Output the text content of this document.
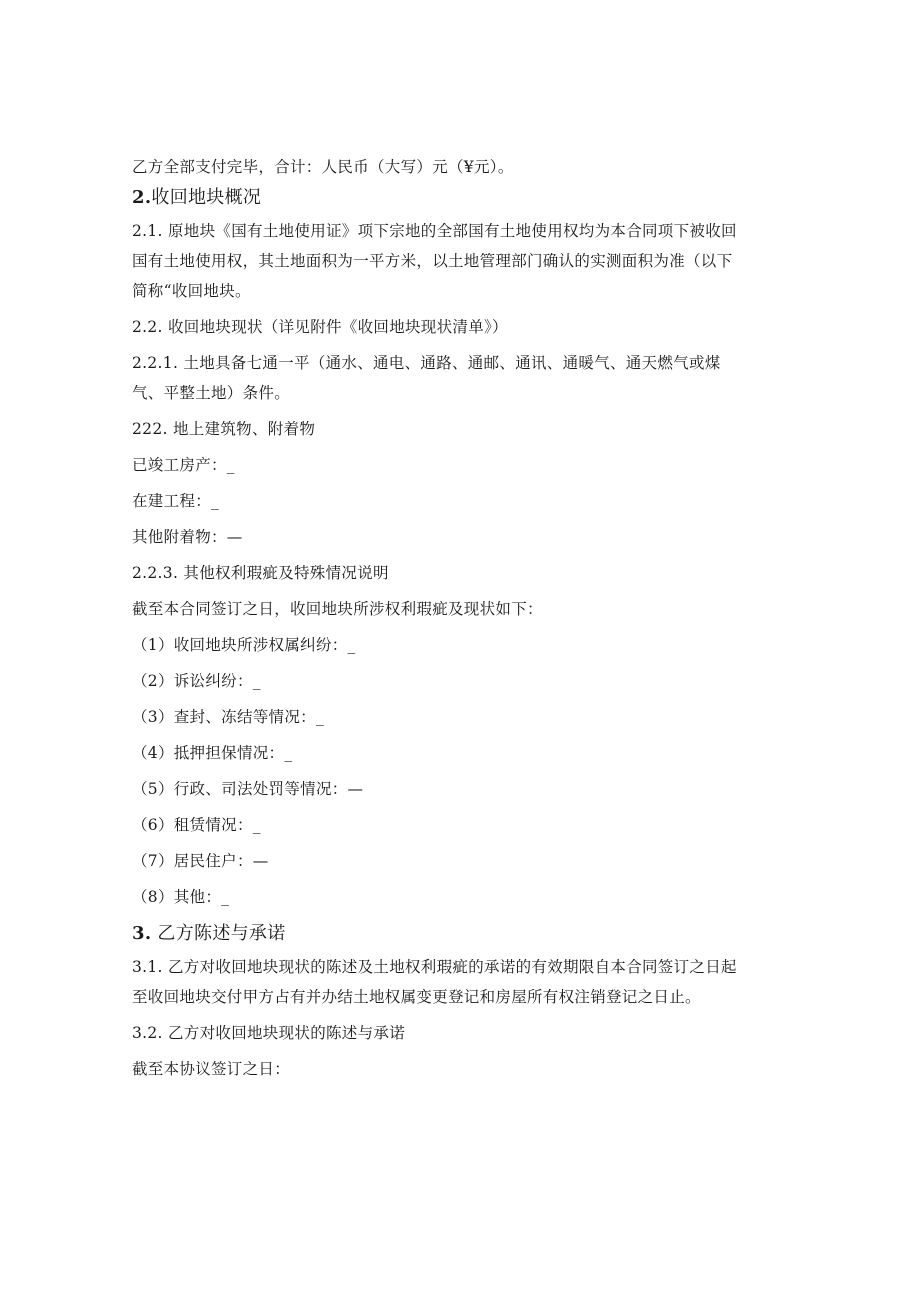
乙方全部支付完毕，合计：人民币（大写）元（¥元）。
2.收回地块概况
2.1. 原地块《国有土地使用证》项下宗地的全部国有土地使用权均为本合同项下被收回
国有土地使用权，其土地面积为一平方米，以土地管理部门确认的实测面积为准（以下
简称“收回地块。
2.2. 收回地块现状（详见附件《收回地块现状清单》）
2.2.1. 土地具备七通一平（通水、通电、通路、通邮、通讯、通暖气、通天燃气或煤
气、平整土地）条件。
222. 地上建筑物、附着物
已竣工房产：_
在建工程：_
其他附着物：—
2.2.3. 其他权利瑕疵及特殊情况说明
截至本合同签订之日，收回地块所涉权利瑕疵及现状如下：
（1）收回地块所涉权属纠纷：_
（2）诉讼纠纷：_
（3）查封、冻结等情况：_
（4）抵押担保情况：_
（5）行政、司法处罚等情况：—
（6）租赁情况：_
（7）居民住户：—
（8）其他：_
3. 乙方陈述与承诺
3.1. 乙方对收回地块现状的陈述及土地权利瑕疵的承诺的有效期限自本合同签订之日起
至收回地块交付甲方占有并办结土地权属变更登记和房屋所有权注销登记之日止。
3.2. 乙方对收回地块现状的陈述与承诺
截至本协议签订之日：
